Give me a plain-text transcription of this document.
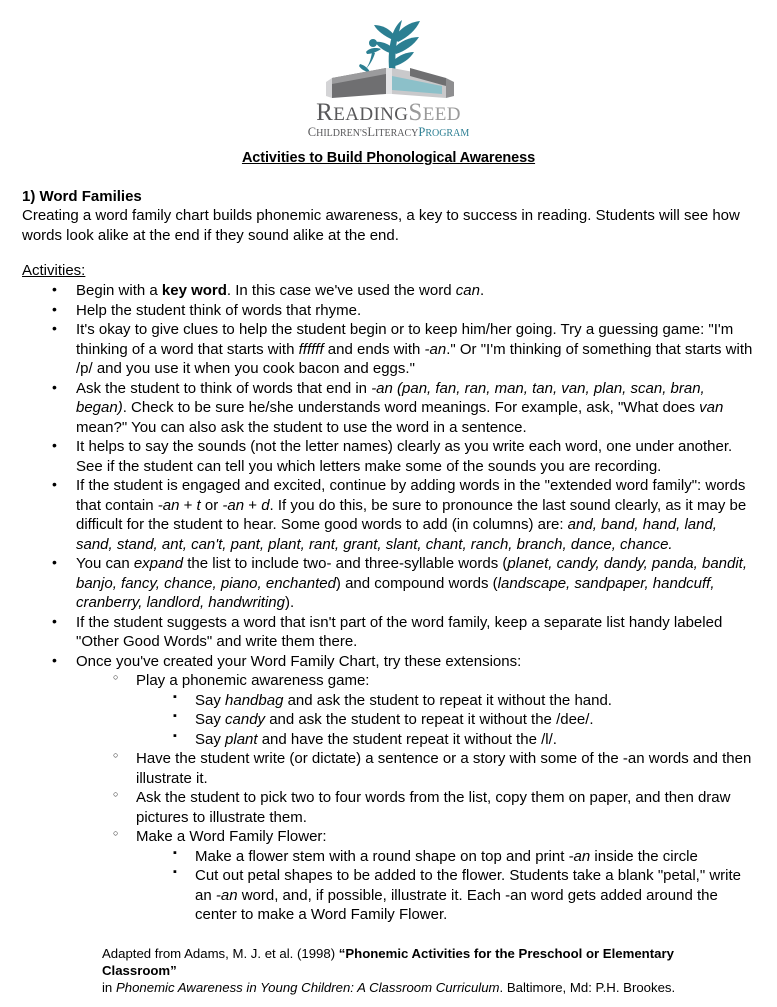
READINGSEED
CHILDREN'SLITERACYPROGRAM
Activities to Build Phonological Awareness
1) Word Families
Creating a word family chart builds phonemic awareness, a key to success in reading. Students will see how words look alike at the end if they sound alike at the end.
Activities:
• Begin with a key word. In this case we've used the word can.
• Help the student think of words that rhyme.
• It's okay to give clues to help the student begin or to keep him/her going. Try a guessing game: "I'm thinking of a word that starts with ffffff and ends with -an." Or "I'm thinking of something that starts with /p/ and you use it when you cook bacon and eggs."
• Ask the student to think of words that end in -an (pan, fan, ran, man, tan, van, plan, scan, bran, began). Check to be sure he/she understands word meanings. For example, ask, "What does van mean?" You can also ask the student to use the word in a sentence.
• It helps to say the sounds (not the letter names) clearly as you write each word, one under another. See if the student can tell you which letters make some of the sounds you are recording.
• If the student is engaged and excited, continue by adding words in the "extended word family": words that contain -an + t or -an + d. If you do this, be sure to pronounce the last sound clearly, as it may be difficult for the student to hear. Some good words to add (in columns) are: and, band, hand, land, sand, stand, ant, can't, pant, plant, rant, grant, slant, chant, ranch, branch, dance, chance.
• You can expand the list to include two- and three-syllable words (planet, candy, dandy, panda, bandit, banjo, fancy, chance, piano, enchanted) and compound words (landscape, sandpaper, handcuff, cranberry, landlord, handwriting).
• If the student suggests a word that isn't part of the word family, keep a separate list handy labeled "Other Good Words" and write them there.
• Once you've created your Word Family Chart, try these extensions:
○ Play a phonemic awareness game:
▪ Say handbag and ask the student to repeat it without the hand.
▪ Say candy and ask the student to repeat it without the /dee/.
▪ Say plant and have the student repeat it without the /l/.
○ Have the student write (or dictate) a sentence or a story with some of the -an words and then illustrate it.
○ Ask the student to pick two to four words from the list, copy them on paper, and then draw pictures to illustrate them.
○ Make a Word Family Flower:
▪ Make a flower stem with a round shape on top and print -an inside the circle
▪ Cut out petal shapes to be added to the flower. Students take a blank "petal," write an -an word, and, if possible, illustrate it. Each -an word gets added around the center to make a Word Family Flower.
Adapted from Adams, M. J. et al. (1998) “Phonemic Activities for the Preschool or Elementary Classroom”
in Phonemic Awareness in Young Children: A Classroom Curriculum. Baltimore, Md: P.H. Brookes.
